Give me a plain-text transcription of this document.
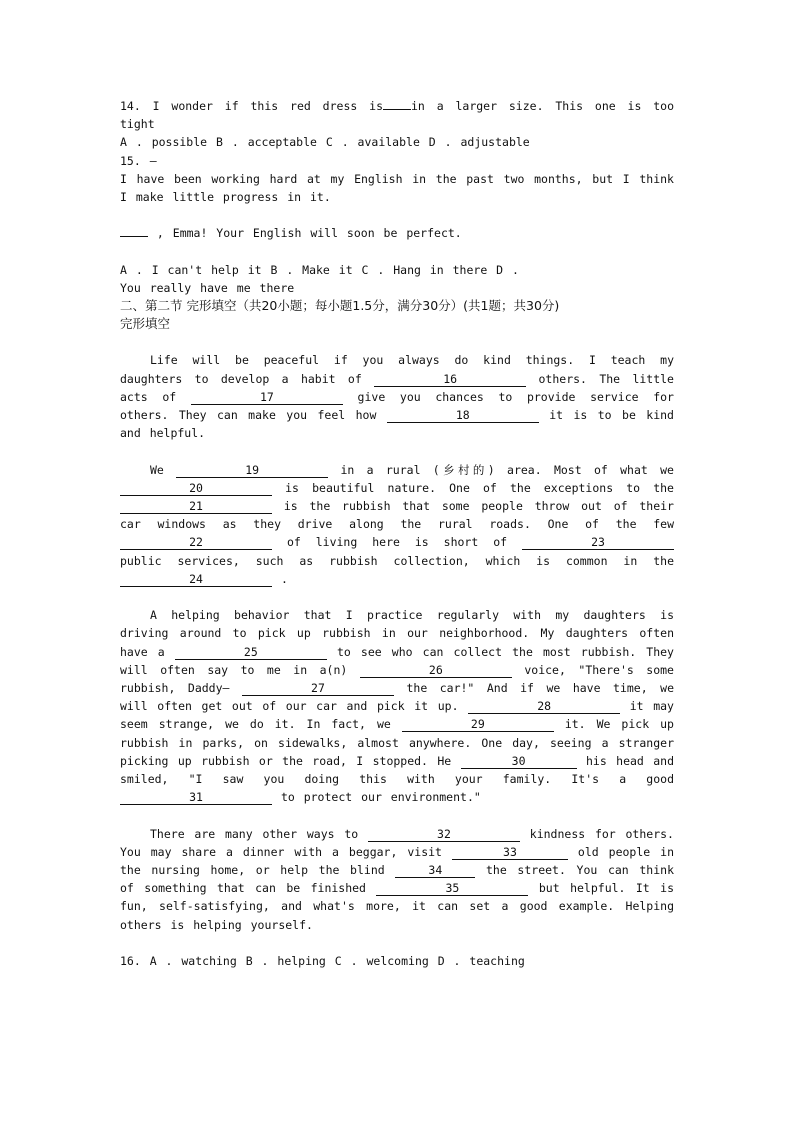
14. I wonder if this red dress is in a larger size. This one is too tight

A . possible B . acceptable C . available D . adjustable

15. —

I have been working hard at my English in the past two months, but I think I make little progress in it.

, Emma! Your English will soon be perfect.

A . I can't help it B . Make it C . Hang in there D .

You really have me there

二、第二节 完形填空（共20小题；每小题1.5分，满分30分）(共1题；共30分)

完形填空

Life will be peaceful if you always do kind things. I teach my daughters to develop a habit of	16	others. The little acts of	17	give you chances to provide service for others. They can make you feel how	18	it is to be kind and helpful.

We	19	in a rural (乡村的) area. Most of what we 20	is beautiful nature. One of the exceptions to the 21	is the rubbish that some people throw out of their car windows as they drive along the rural roads. One of the few 22	of living here is short of	23 public services, such as rubbish collection, which is common in the 24	.

A helping behavior that I practice regularly with my daughters is driving around to pick up rubbish in our neighborhood. My daughters often have a	25	to see who can collect the most rubbish. They will often say to me in a(n)	26	voice, "There's some rubbish, Daddy—	27	the car!" And if we have time, we will often get out of our car and pick it up.	28	it may seem strange, we do it. In fact, we	29	it. We pick up rubbish in parks, on sidewalks, almost anywhere. One day, seeing a stranger picking up rubbish or the road, I stopped. He	30	his head and smiled, "I saw you doing this with your family. It's a good 31	to protect our environment."

There are many other ways to	32	kindness for others. You may share a dinner with a beggar, visit	33	old people in the nursing home, or help the blind	34	the street. You can think of something that can be finished	35	but helpful. It is fun, self-satisfying, and what's more, it can set a good example. Helping others is helping yourself.

16. A . watching B . helping C . welcoming D . teaching
